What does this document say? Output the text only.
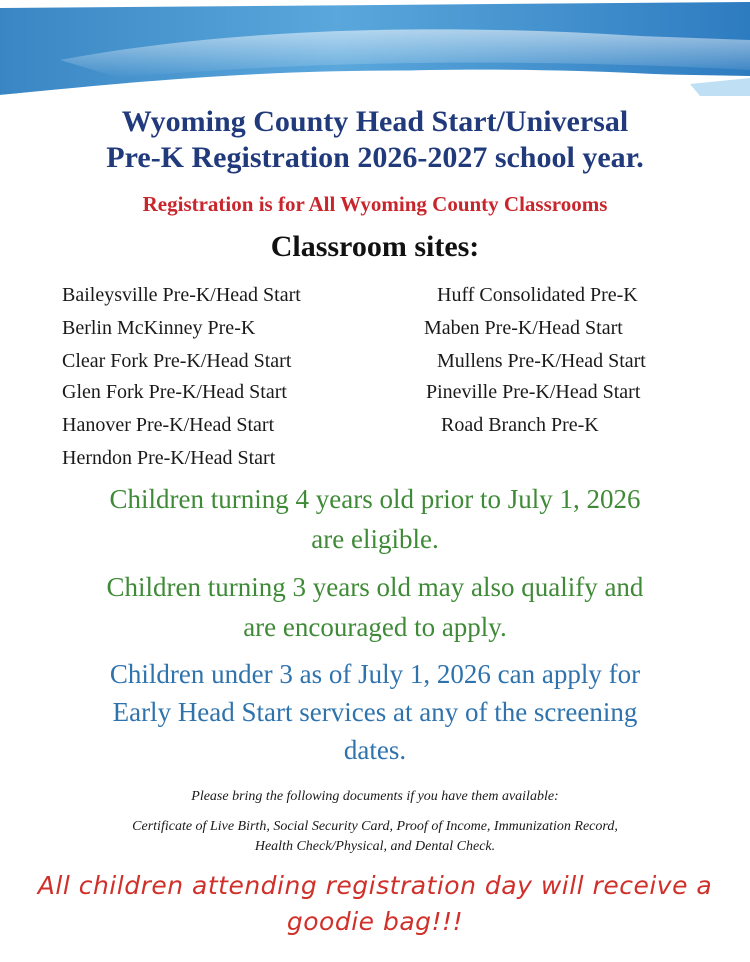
Wyoming County Head Start/Universal
Pre-K Registration 2026-2027 school year.
Registration is for All Wyoming County Classrooms
Classroom sites:
Baileysville Pre-K/Head Start
Berlin McKinney Pre-K
Clear Fork Pre-K/Head Start
Glen Fork Pre-K/Head Start
Hanover Pre-K/Head Start
Herndon Pre-K/Head Start
Huff Consolidated Pre-K
Maben Pre-K/Head Start
Mullens Pre-K/Head Start
Pineville Pre-K/Head Start
Road Branch Pre-K
Children turning 4 years old prior to July 1, 2026
are eligible.
Children turning 3 years old may also qualify and
are encouraged to apply.
Children under 3 as of July 1, 2026 can apply for
Early Head Start services at any of the screening
dates.
Please bring the following documents if you have them available:
Certificate of Live Birth, Social Security Card, Proof of Income, Immunization Record,
Health Check/Physical, and Dental Check.
All children attending registration day will receive a
goodie bag!!!
